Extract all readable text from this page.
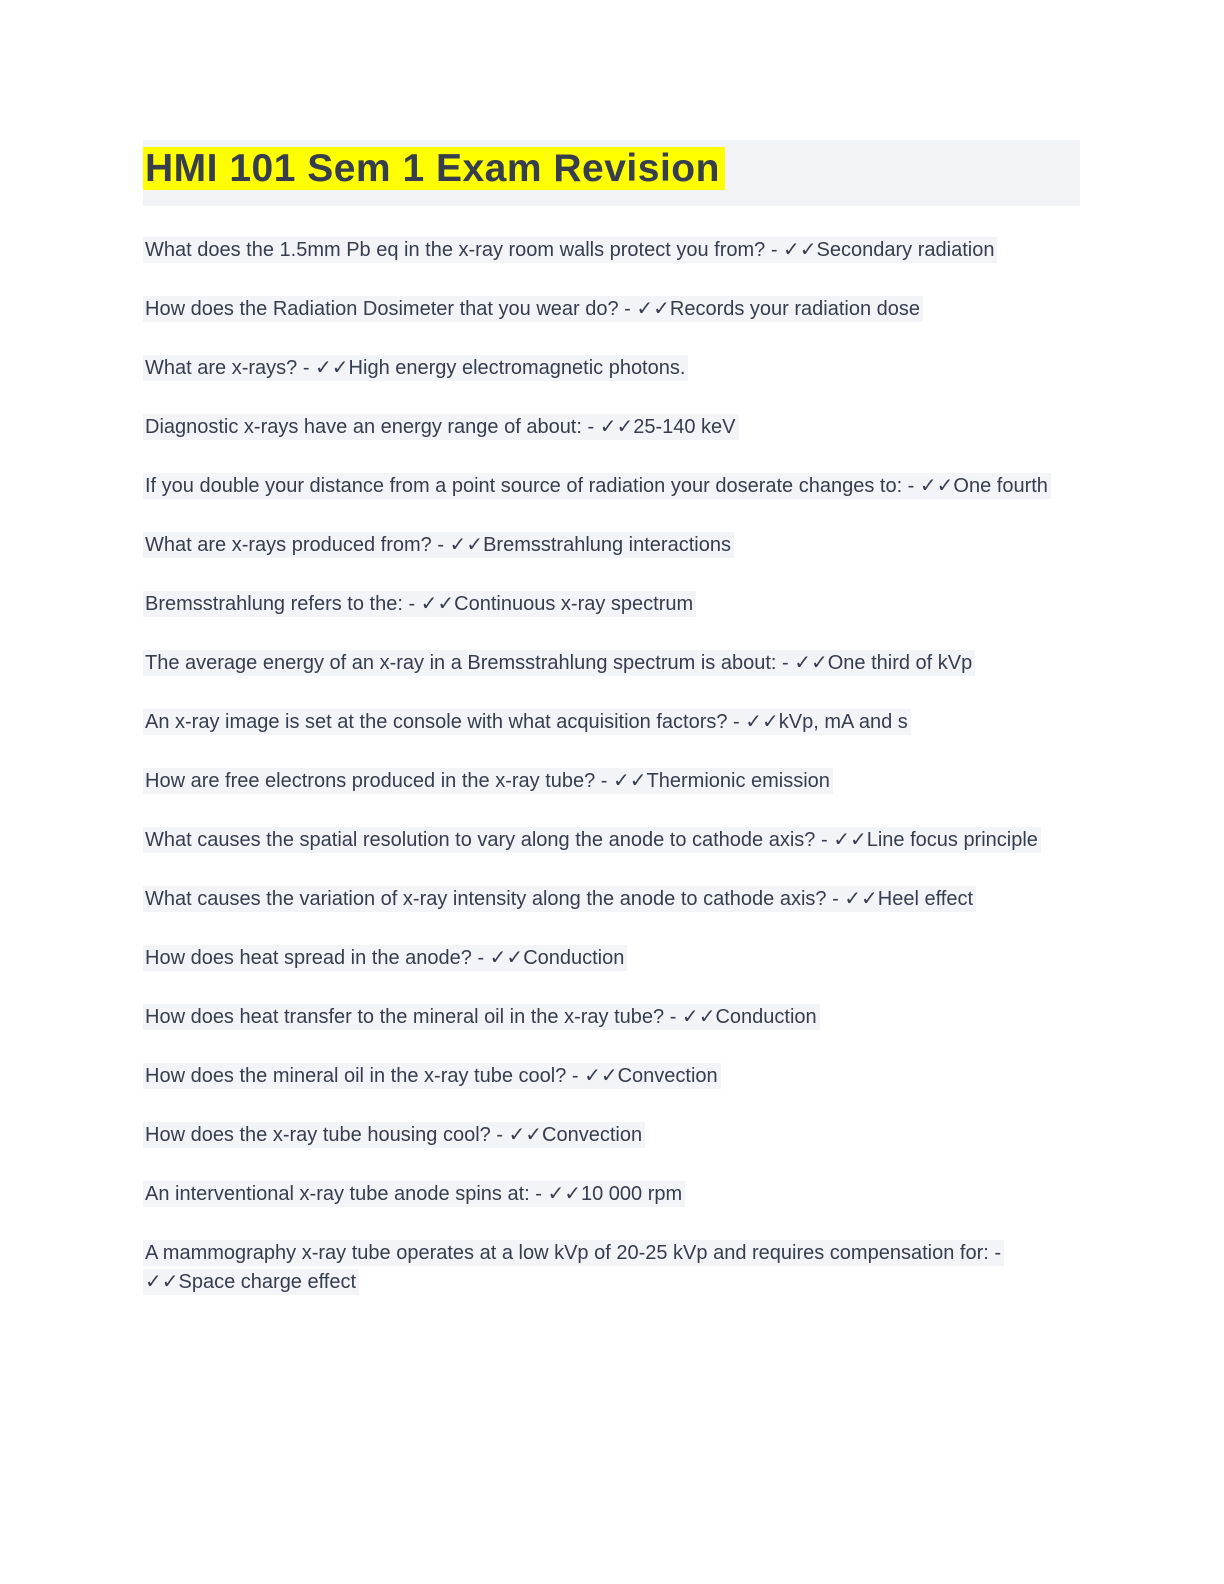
HMI 101 Sem 1 Exam Revision

What does the 1.5mm Pb eq in the x-ray room walls protect you from? - ✓✓Secondary radiation

How does the Radiation Dosimeter that you wear do? - ✓✓Records your radiation dose

What are x-rays? - ✓✓High energy electromagnetic photons.

Diagnostic x-rays have an energy range of about: - ✓✓25-140 keV

If you double your distance from a point source of radiation your doserate changes to: - ✓✓One fourth

What are x-rays produced from? - ✓✓Bremsstrahlung interactions

Bremsstrahlung refers to the: - ✓✓Continuous x-ray spectrum

The average energy of an x-ray in a Bremsstrahlung spectrum is about: - ✓✓One third of kVp

An x-ray image is set at the console with what acquisition factors? - ✓✓kVp, mA and s

How are free electrons produced in the x-ray tube? - ✓✓Thermionic emission

What causes the spatial resolution to vary along the anode to cathode axis? - ✓✓Line focus principle

What causes the variation of x-ray intensity along the anode to cathode axis? - ✓✓Heel effect

How does heat spread in the anode? - ✓✓Conduction

How does heat transfer to the mineral oil in the x-ray tube? - ✓✓Conduction

How does the mineral oil in the x-ray tube cool? - ✓✓Convection

How does the x-ray tube housing cool? - ✓✓Convection

An interventional x-ray tube anode spins at: - ✓✓10 000 rpm

A mammography x-ray tube operates at a low kVp of 20-25 kVp and requires compensation for: - ✓✓Space charge effect
